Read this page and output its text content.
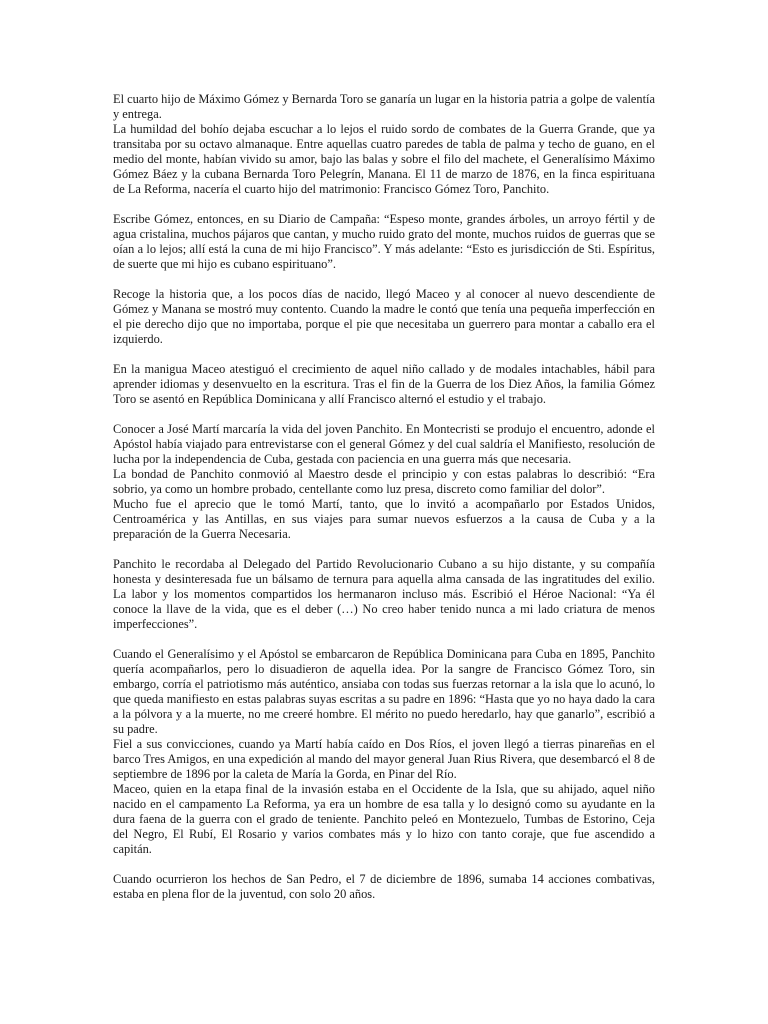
El cuarto hijo de Máximo Gómez y Bernarda Toro se ganaría un lugar en la historia patria a golpe de valentía y entrega.

La humildad del bohío dejaba escuchar a lo lejos el ruido sordo de combates de la Guerra Grande, que ya transitaba por su octavo almanaque. Entre aquellas cuatro paredes de tabla de palma y techo de guano, en el medio del monte, habían vivido su amor, bajo las balas y sobre el filo del machete, el Generalísimo Máximo Gómez Báez y la cubana Bernarda Toro Pelegrín, Manana. El 11 de marzo de 1876, en la finca espirituana de La Reforma, nacería el cuarto hijo del matrimonio: Francisco Gómez Toro, Panchito.

Escribe Gómez, entonces, en su Diario de Campaña: “Espeso monte, grandes árboles, un arroyo fértil y de agua cristalina, muchos pájaros que cantan, y mucho ruido grato del monte, muchos ruidos de guerras que se oían a lo lejos; allí está la cuna de mi hijo Francisco”. Y más adelante: “Esto es jurisdicción de Sti. Espíritus, de suerte que mi hijo es cubano espirituano”.

Recoge la historia que, a los pocos días de nacido, llegó Maceo y al conocer al nuevo descendiente de Gómez y Manana se mostró muy contento. Cuando la madre le contó que tenía una pequeña imperfección en el pie derecho dijo que no importaba, porque el pie que necesitaba un guerrero para montar a caballo era el izquierdo.

En la manigua Maceo atestiguó el crecimiento de aquel niño callado y de modales intachables, hábil para aprender idiomas y desenvuelto en la escritura. Tras el fin de la Guerra de los Diez Años, la familia Gómez Toro se asentó en República Dominicana y allí Francisco alternó el estudio y el trabajo.

Conocer a José Martí marcaría la vida del joven Panchito. En Montecristi se produjo el encuentro, adonde el Apóstol había viajado para entrevistarse con el general Gómez y del cual saldría el Manifiesto, resolución de lucha por la independencia de Cuba, gestada con paciencia en una guerra más que necesaria.

La bondad de Panchito conmovió al Maestro desde el principio y con estas palabras lo describió: “Era sobrio, ya como un hombre probado, centellante como luz presa, discreto como familiar del dolor”.

Mucho fue el aprecio que le tomó Martí, tanto, que lo invitó a acompañarlo por Estados Unidos, Centroamérica y las Antillas, en sus viajes para sumar nuevos esfuerzos a la causa de Cuba y a la preparación de la Guerra Necesaria.

Panchito le recordaba al Delegado del Partido Revolucionario Cubano a su hijo distante, y su compañía honesta y desinteresada fue un bálsamo de ternura para aquella alma cansada de las ingratitudes del exilio. La labor y los momentos compartidos los hermanaron incluso más. Escribió el Héroe Nacional: “Ya él conoce la llave de la vida, que es el deber (…) No creo haber tenido nunca a mi lado criatura de menos imperfecciones”.

Cuando el Generalísimo y el Apóstol se embarcaron de República Dominicana para Cuba en 1895, Panchito quería acompañarlos, pero lo disuadieron de aquella idea. Por la sangre de Francisco Gómez Toro, sin embargo, corría el patriotismo más auténtico, ansiaba con todas sus fuerzas retornar a la isla que lo acunó, lo que queda manifiesto en estas palabras suyas escritas a su padre en 1896: “Hasta que yo no haya dado la cara a la pólvora y a la muerte, no me creeré hombre. El mérito no puedo heredarlo, hay que ganarlo”, escribió a su padre.

Fiel a sus convicciones, cuando ya Martí había caído en Dos Ríos, el joven llegó a tierras pinareñas en el barco Tres Amigos, en una expedición al mando del mayor general Juan Rius Rivera, que desembarcó el 8 de septiembre de 1896 por la caleta de María la Gorda, en Pinar del Río.

Maceo, quien en la etapa final de la invasión estaba en el Occidente de la Isla, que su ahijado, aquel niño nacido en el campamento La Reforma, ya era un hombre de esa talla y lo designó como su ayudante en la dura faena de la guerra con el grado de teniente. Panchito peleó en Montezuelo, Tumbas de Estorino, Ceja del Negro, El Rubí, El Rosario y varios combates más y lo hizo con tanto coraje, que fue ascendido a capitán.

Cuando ocurrieron los hechos de San Pedro, el 7 de diciembre de 1896, sumaba 14 acciones combativas, estaba en plena flor de la juventud, con solo 20 años.
